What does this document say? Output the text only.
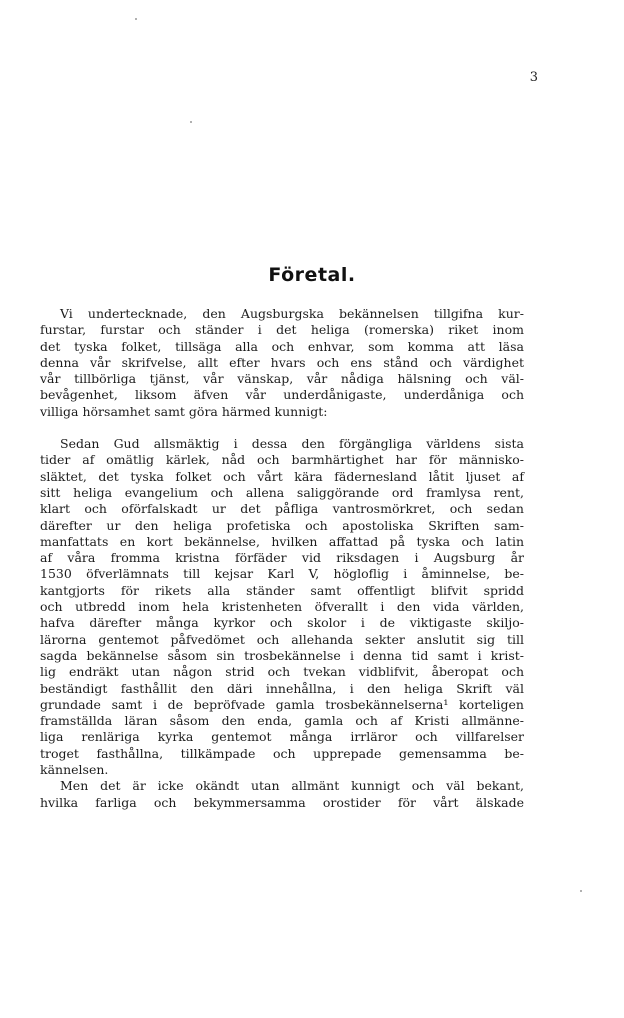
3
Företal.
Vi undertecknade, den Augsburgska bekännelsen tillgifna kur-
furstar, furstar och ständer i det heliga (romerska) riket inom
det tyska folket, tillsäga alla och enhvar, som komma att läsa
denna vår skrifvelse, allt efter hvars och ens stånd och värdighet
vår tillbörliga tjänst, vår vänskap, vår nådiga hälsning och väl-
bevågenhet, liksom äfven vår underdånigaste, underdåniga och
villiga hörsamhet samt göra härmed kunnigt:
Sedan Gud allsmäktig i dessa den förgängliga världens sista
tider af omätlig kärlek, nåd och barmhärtighet har för människo-
släktet, det tyska folket och vårt kära fädernesland låtit ljuset af
sitt heliga evangelium och allena saliggörande ord framlysa rent,
klart och oförfalskadt ur det påfliga vantrosmörkret, och sedan
därefter ur den heliga profetiska och apostoliska Skriften sam-
manfattats en kort bekännelse, hvilken affattad på tyska och latin
af våra fromma kristna förfäder vid riksdagen i Augsburg år
1530 öfverlämnats till kejsar Karl V, högloflig i åminnelse, be-
kantgjorts för rikets alla ständer samt offentligt blifvit spridd
och utbredd inom hela kristenheten öfverallt i den vida världen,
hafva därefter många kyrkor och skolor i de viktigaste skiljo-
lärorna gentemot påfvedömet och allehanda sekter anslutit sig till
sagda bekännelse såsom sin trosbekännelse i denna tid samt i krist-
lig endräkt utan någon strid och tvekan vidblifvit, åberopat och
beständigt fasthållit den däri innehållna, i den heliga Skrift väl
grundade samt i de bepröfvade gamla trosbekännelserna¹ korteligen
framställda läran såsom den enda, gamla och af Kristi allmänne-
liga renläriga kyrka gentemot många irrläror och villfarelser
troget fasthållna, tillkämpade och upprepade gemensamma be-
kännelsen.
Men det är icke okändt utan allmänt kunnigt och väl bekant,
hvilka farliga och bekymmersamma orostider för vårt älskade
